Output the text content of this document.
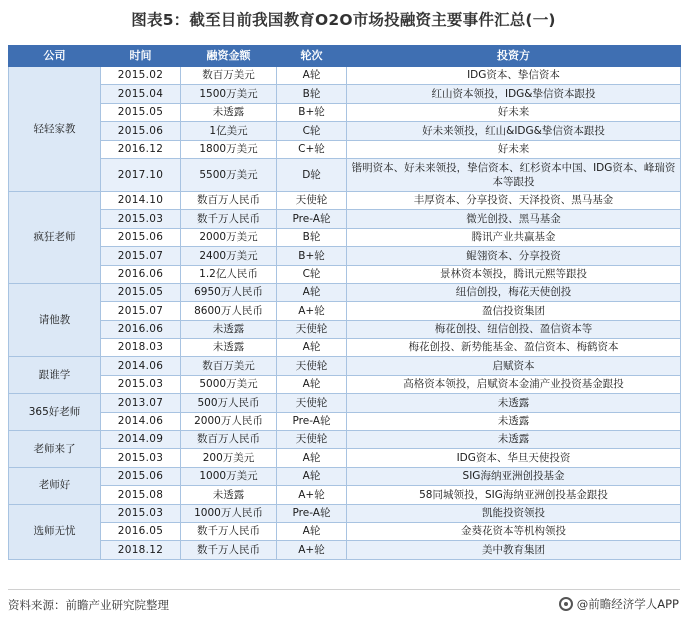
图表5：截至目前我国教育O2O市场投融资主要事件汇总(一)
公司	时间	融资金额	轮次	投资方
轻轻家教	2015.02	数百万美元	A轮	IDG资本、挚信资本
	2015.04	1500万美元	B轮	红山资本领投，IDG&挚信资本跟投
	2015.05	未透露	B+轮	好未来
	2015.06	1亿美元	C轮	好未来领投，红山&IDG&挚信资本跟投
	2016.12	1800万美元	C+轮	好未来
	2017.10	5500万美元	D轮	锴明资本、好未来领投，挚信资本、红杉资本中国、IDG资本、峰瑞资本等跟投
疯狂老师	2014.10	数百万人民币	天使轮	丰厚资本、分享投资、天泽投资、黑马基金
	2015.03	数千万人民币	Pre-A轮	微光创投、黑马基金
	2015.06	2000万美元	B轮	腾讯产业共赢基金
	2015.07	2400万美元	B+轮	鲲翎资本、分享投资
	2016.06	1.2亿人民币	C轮	景林资本领投，腾讯元熙等跟投
请他教	2015.05	6950万人民币	A轮	纽信创投，梅花天使创投
	2015.07	8600万人民币	A+轮	盈信投资集团
	2016.06	未透露	天使轮	梅花创投、纽信创投、盈信资本等
	2018.03	未透露	A轮	梅花创投、新势能基金、盈信资本、梅鹤资本
跟谁学	2014.06	数百万美元	天使轮	启赋资本
	2015.03	5000万美元	A轮	高格资本领投，启赋资本金浦产业投资基金跟投
365好老师	2013.07	500万人民币	天使轮	未透露
	2014.06	2000万人民币	Pre-A轮	未透露
老师来了	2014.09	数百万人民币	天使轮	未透露
	2015.03	200万美元	A轮	IDG资本、华旦天使投资
老师好	2015.06	1000万美元	A轮	SIG海纳亚洲创投基金
	2015.08	未透露	A+轮	58同城领投，SIG海纳亚洲创投基金跟投
选师无忧	2015.03	1000万人民币	Pre-A轮	凯能投资领投
	2016.05	数千万人民币	A轮	金葵花资本等机构领投
	2018.12	数千万人民币	A+轮	美中教育集团
资料来源：前瞻产业研究院整理	@前瞻经济学人APP
